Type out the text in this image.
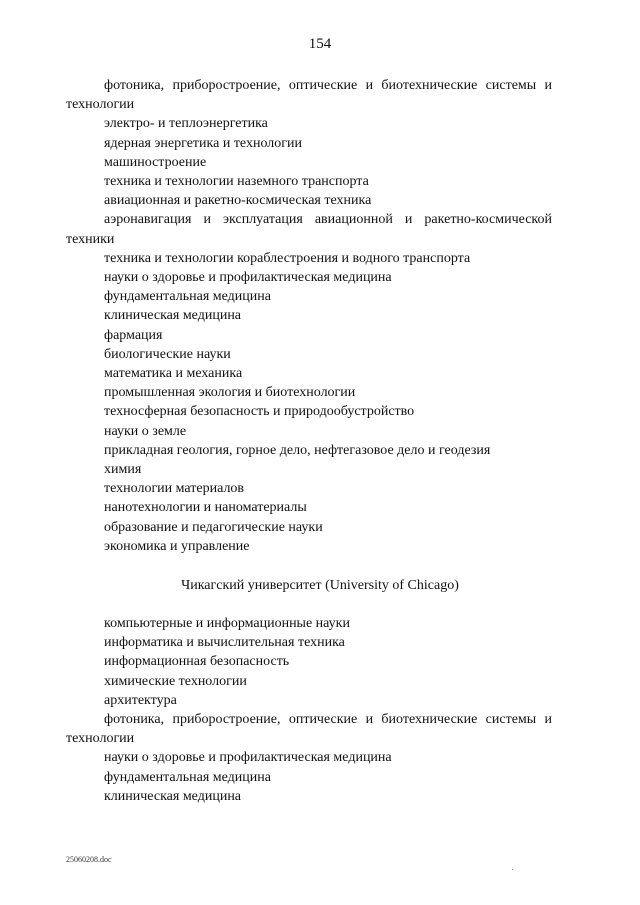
154
фотоника, приборостроение, оптические и биотехнические системы и технологии
электро- и теплоэнергетика
ядерная энергетика и технологии
машиностроение
техника и технологии наземного транспорта
авиационная и ракетно-космическая техника
аэронавигация и эксплуатация авиационной и ракетно-космической техники
техника и технологии кораблестроения и водного транспорта
науки о здоровье и профилактическая медицина
фундаментальная медицина
клиническая медицина
фармация
биологические науки
математика и механика
промышленная экология и биотехнологии
техносферная безопасность и природообустройство
науки о земле
прикладная геология, горное дело, нефтегазовое дело и геодезия
химия
технологии материалов
нанотехнологии и наноматериалы
образование и педагогические науки
экономика и управление
Чикагский университет (University of Chicago)
компьютерные и информационные науки
информатика и вычислительная техника
информационная безопасность
химические технологии
архитектура
фотоника, приборостроение, оптические и биотехнические системы и технологии
науки о здоровье и профилактическая медицина
фундаментальная медицина
клиническая медицина
25060208.doc
